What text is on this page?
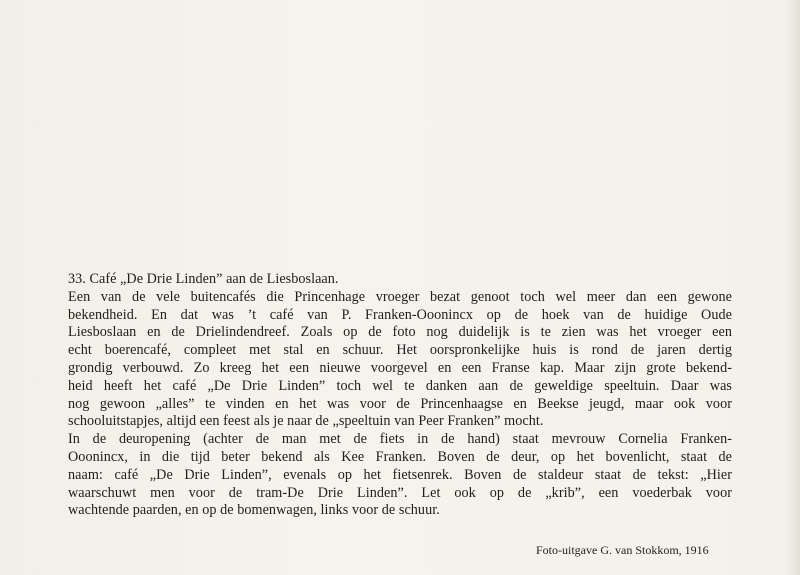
33. Café „De Drie Linden” aan de Liesboslaan.

Een van de vele buitencafés die Princenhage vroeger bezat genoot toch wel meer dan een gewone

bekendheid. En dat was ’t café van P. Franken-Ooonincx op de hoek van de huidige Oude

Liesboslaan en de Drielindendreef. Zoals op de foto nog duidelijk is te zien was het vroeger een

echt boerencafé, compleet met stal en schuur. Het oorspronkelijke huis is rond de jaren dertig

grondig verbouwd. Zo kreeg het een nieuwe voorgevel en een Franse kap. Maar zijn grote bekend-

heid heeft het café „De Drie Linden” toch wel te danken aan de geweldige speeltuin. Daar was

nog gewoon „alles” te vinden en het was voor de Princenhaagse en Beekse jeugd, maar ook voor

schooluitstapjes, altijd een feest als je naar de „speeltuin van Peer Franken” mocht.

In de deuropening (achter de man met de fiets in de hand) staat mevrouw Cornelia Franken-

Ooonincx, in die tijd beter bekend als Kee Franken. Boven de deur, op het bovenlicht, staat de

naam: café „De Drie Linden”, evenals op het fietsenrek. Boven de staldeur staat de tekst: „Hier

waarschuwt men voor de tram-De Drie Linden”. Let ook op de „krib”, een voederbak voor

wachtende paarden, en op de bomenwagen, links voor de schuur.

Foto-uitgave G. van Stokkom, 1916
